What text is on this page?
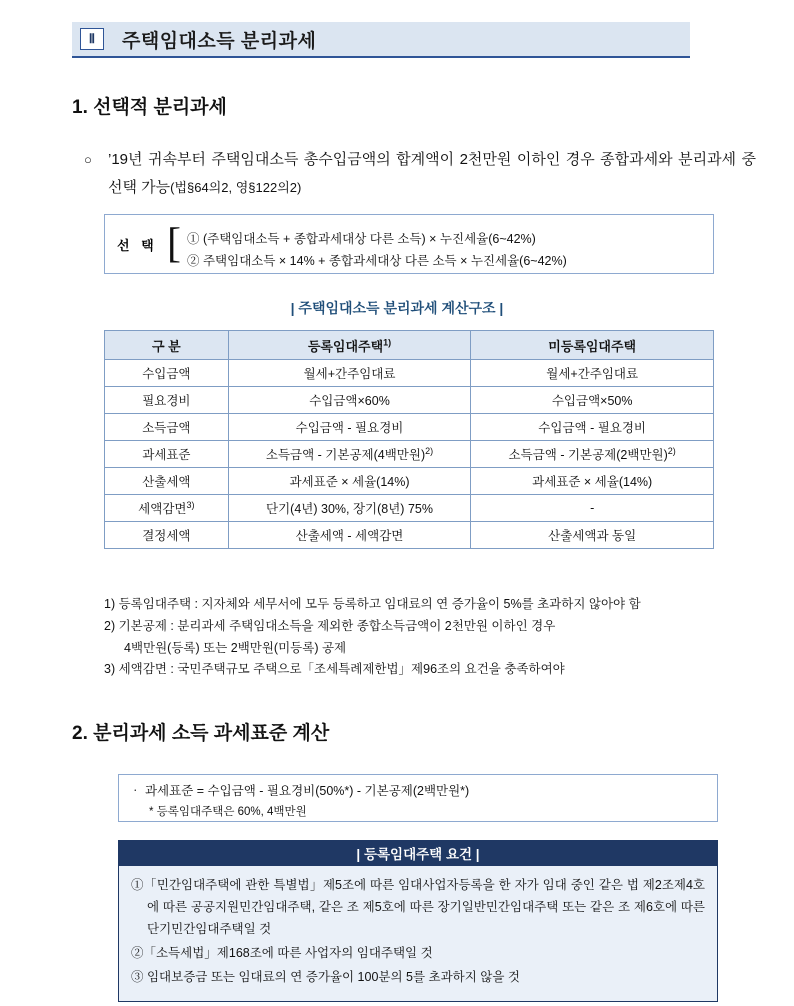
Ⅱ	주택임대소득 분리과세
1. 선택적 분리과세
○ ’19년 귀속부터 주택임대소득 총수입금액의 합계액이 2천만원 이하인 경우 종합과세와 분리과세 중 선택 가능(법§64의2, 영§122의2)
선 택 [ ① (주택임대소득 + 종합과세대상 다른 소득) × 누진세율(6~42%)
② 주택임대소득 × 14% + 종합과세대상 다른 소득 × 누진세율(6~42%)
| 주택임대소득 분리과세 계산구조 |
구 분	등록임대주택$^{1)}$	미등록임대주택
수입금액	월세+간주임대료	월세+간주임대료
필요경비	수입금액×60%	수입금액×50%
소득금액	수입금액 - 필요경비	수입금액 - 필요경비
과세표준	소득금액 - 기본공제(4백만원)$^{2)}$	소득금액 - 기본공제(2백만원)$^{2)}$
산출세액	과세표준 × 세율(14%)	과세표준 × 세율(14%)
세액감면$^{3)}$	단기(4년) 30%, 장기(8년) 75%	-
결정세액	산출세액 - 세액감면	산출세액과 동일
1) 등록임대주택 : 지자체와 세무서에 모두 등록하고 임대료의 연 증가율이 5%를 초과하지 않아야 함
2) 기본공제 : 분리과세 주택임대소득을 제외한 종합소득금액이 2천만원 이하인 경우
4백만원(등록) 또는 2백만원(미등록) 공제
3) 세액감면 : 국민주택규모 주택으로「조세특례제한법」제96조의 요건을 충족하여야
2. 분리과세 소득 과세표준 계산
‧ 과세표준 = 수입금액 - 필요경비(50%*) - 기본공제(2백만원*)
* 등록임대주택은 60%, 4백만원
| 등록임대주택 요건 |
①「민간임대주택에 관한 특별법」제5조에 따른 임대사업자등록을 한 자가 임대 중인 같은 법 제2조제4호에 따른 공공지원민간임대주택, 같은 조 제5호에 따른 장기일반민간임대주택 또는 같은 조 제6호에 따른 단기민간임대주택일 것
②「소득세법」제168조에 따른 사업자의 임대주택일 것
③ 임대보증금 또는 임대료의 연 증가율이 100분의 5를 초과하지 않을 것
